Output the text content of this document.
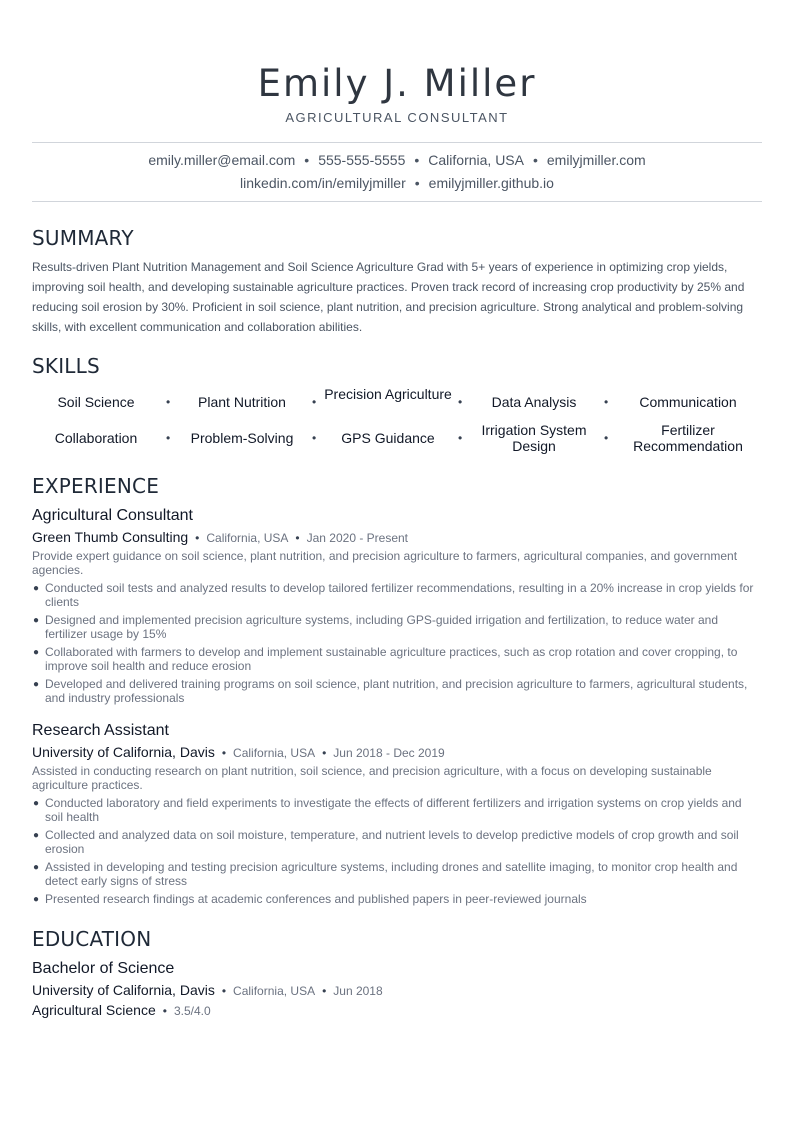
Emily J. Miller
AGRICULTURAL CONSULTANT
emily.miller@email.com • 555-555-5555 • California, USA • emilyjmiller.com
linkedin.com/in/emilyjmiller • emilyjmiller.github.io
SUMMARY
Results-driven Plant Nutrition Management and Soil Science Agriculture Grad with 5+ years of experience in optimizing crop yields, improving soil health, and developing sustainable agriculture practices. Proven track record of increasing crop productivity by 25% and reducing soil erosion by 30%. Proficient in soil science, plant nutrition, and precision agriculture. Strong analytical and problem-solving skills, with excellent communication and collaboration abilities.
SKILLS
Soil Science	•	Plant Nutrition	• Precision Agriculture •	Data Analysis	•	Communication
Collaboration	•	Problem-Solving	•	GPS Guidance	•	Irrigation System Design	•	Fertilizer Recommendation
EXPERIENCE
Agricultural Consultant
Green Thumb Consulting • California, USA • Jan 2020 - Present
Provide expert guidance on soil science, plant nutrition, and precision agriculture to farmers, agricultural companies, and government agencies.
● Conducted soil tests and analyzed results to develop tailored fertilizer recommendations, resulting in a 20% increase in crop yields for clients
● Designed and implemented precision agriculture systems, including GPS-guided irrigation and fertilization, to reduce water and fertilizer usage by 15%
● Collaborated with farmers to develop and implement sustainable agriculture practices, such as crop rotation and cover cropping, to improve soil health and reduce erosion
● Developed and delivered training programs on soil science, plant nutrition, and precision agriculture to farmers, agricultural students, and industry professionals
Research Assistant
University of California, Davis • California, USA • Jun 2018 - Dec 2019
Assisted in conducting research on plant nutrition, soil science, and precision agriculture, with a focus on developing sustainable agriculture practices.
● Conducted laboratory and field experiments to investigate the effects of different fertilizers and irrigation systems on crop yields and soil health
● Collected and analyzed data on soil moisture, temperature, and nutrient levels to develop predictive models of crop growth and soil erosion
● Assisted in developing and testing precision agriculture systems, including drones and satellite imaging, to monitor crop health and detect early signs of stress
● Presented research findings at academic conferences and published papers in peer-reviewed journals
EDUCATION
Bachelor of Science
University of California, Davis • California, USA • Jun 2018
Agricultural Science • 3.5/4.0
